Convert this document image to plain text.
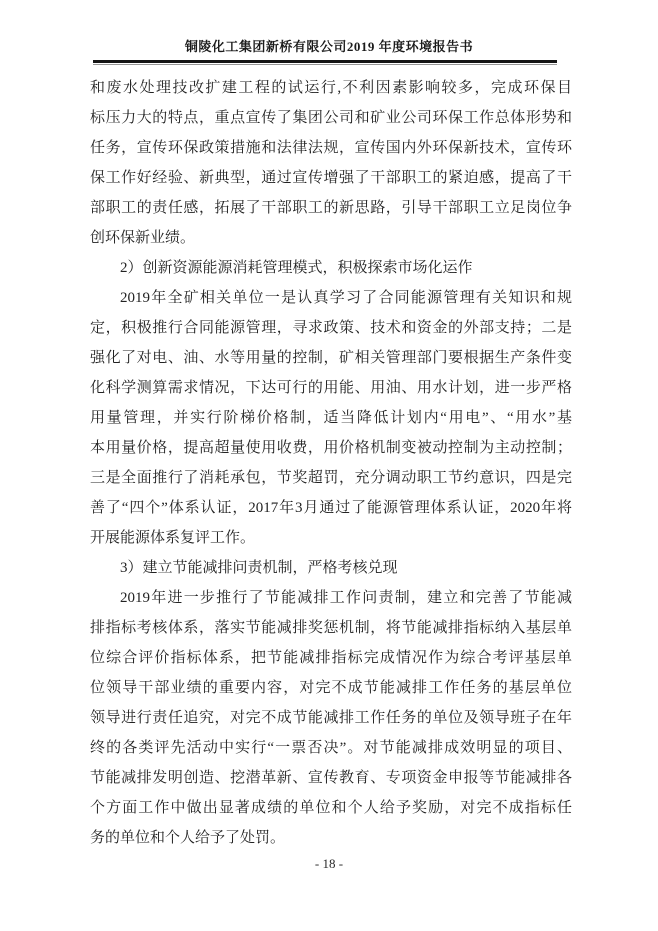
铜陵化工集团新桥有限公司2019 年度环境报告书
和废水处理技改扩建工程的试运行,不利因素影响较多，完成环保目
标压力大的特点，重点宣传了集团公司和矿业公司环保工作总体形势和
任务，宣传环保政策措施和法律法规，宣传国内外环保新技术，宣传环
保工作好经验、新典型，通过宣传增强了干部职工的紧迫感，提高了干
部职工的责任感，拓展了干部职工的新思路，引导干部职工立足岗位争
创环保新业绩。
2）创新资源能源消耗管理模式，积极探索市场化运作
2019年全矿相关单位一是认真学习了合同能源管理有关知识和规
定，积极推行合同能源管理，寻求政策、技术和资金的外部支持；二是
强化了对电、油、水等用量的控制，矿相关管理部门要根据生产条件变
化科学测算需求情况，下达可行的用能、用油、用水计划，进一步严格
用量管理，并实行阶梯价格制，适当降低计划内“用电”、“用水”基
本用量价格，提高超量使用收费，用价格机制变被动控制为主动控制；
三是全面推行了消耗承包，节奖超罚，充分调动职工节约意识，四是完
善了“四个”体系认证，2017年3月通过了能源管理体系认证，2020年将
开展能源体系复评工作。
3）建立节能减排问责机制，严格考核兑现
2019年进一步推行了节能减排工作问责制，建立和完善了节能减
排指标考核体系，落实节能减排奖惩机制，将节能减排指标纳入基层单
位综合评价指标体系，把节能减排指标完成情况作为综合考评基层单
位领导干部业绩的重要内容，对完不成节能减排工作任务的基层单位
领导进行责任追究，对完不成节能减排工作任务的单位及领导班子在年
终的各类评先活动中实行“一票否决”。对节能减排成效明显的项目、
节能减排发明创造、挖潜革新、宣传教育、专项资金申报等节能减排各
个方面工作中做出显著成绩的单位和个人给予奖励，对完不成指标任
务的单位和个人给予了处罚。
- 18 -
